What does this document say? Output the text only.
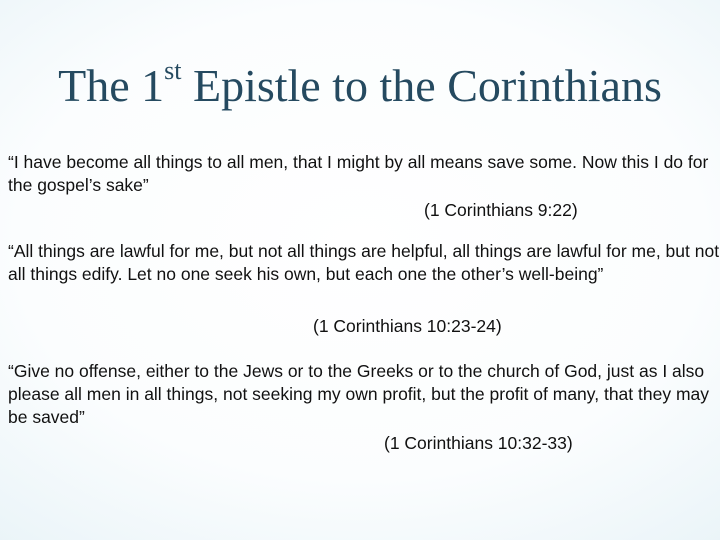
The 1st Epistle to the Corinthians

“I have become all things to all men, that I might by all means save some. Now this I do for the gospel’s sake”

(1 Corinthians 9:22)

“All things are lawful for me, but not all things are helpful, all things are lawful for me, but not all things edify. Let no one seek his own, but each one the other’s well-being”

(1 Corinthians 10:23-24)

“Give no offense, either to the Jews or to the Greeks or to the church of God, just as I also please all men in all things, not seeking my own profit, but the profit of many, that they may be saved”

(1 Corinthians 10:32-33)
